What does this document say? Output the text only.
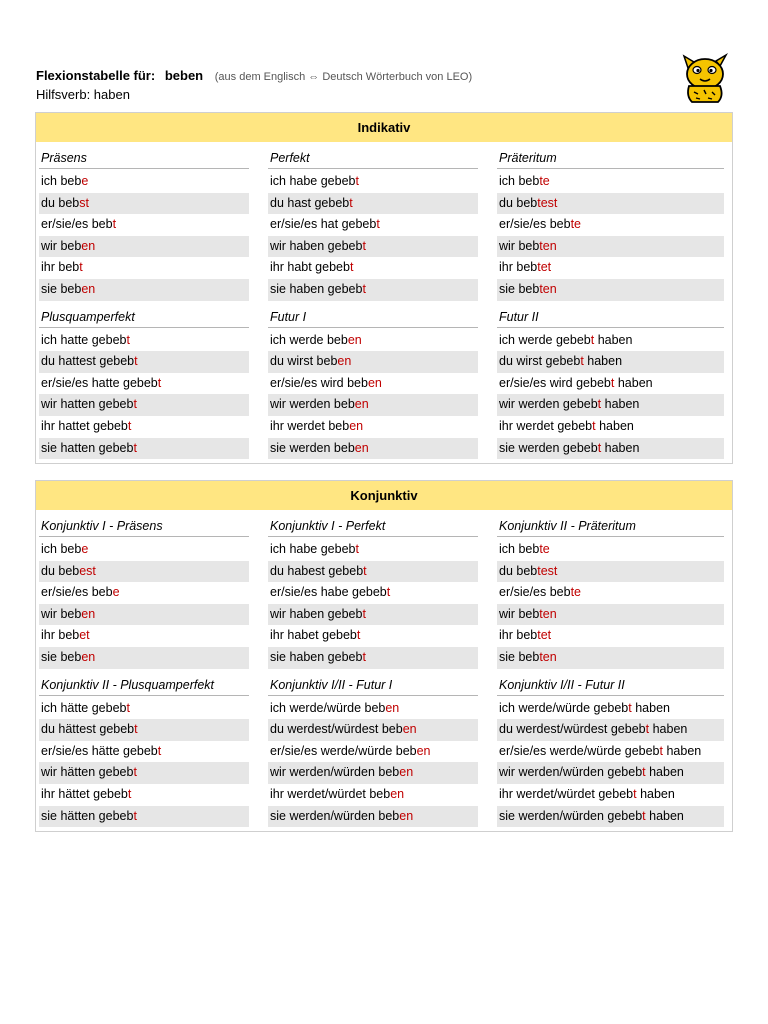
Flexionstabelle für: beben (aus dem Englisch ⇔ Deutsch Wörterbuch von LEO)
Hilfsverb: haben
Indikativ
Präsens
ich bebe
du bebst
er/sie/es bebt
wir beben
ihr bebt
sie beben
Perfekt
ich habe gebebt
du hast gebebt
er/sie/es hat gebebt
wir haben gebebt
ihr habt gebebt
sie haben gebebt
Präteritum
ich bebte
du bebtest
er/sie/es bebte
wir bebten
ihr bebtet
sie bebten
Plusquamperfekt
ich hatte gebebt
du hattest gebebt
er/sie/es hatte gebebt
wir hatten gebebt
ihr hattet gebebt
sie hatten gebebt
Futur I
ich werde beben
du wirst beben
er/sie/es wird beben
wir werden beben
ihr werdet beben
sie werden beben
Futur II
ich werde gebebt haben
du wirst gebebt haben
er/sie/es wird gebebt haben
wir werden gebebt haben
ihr werdet gebebt haben
sie werden gebebt haben
Konjunktiv
Konjunktiv I - Präsens
ich bebe
du bebest
er/sie/es bebe
wir beben
ihr bebet
sie beben
Konjunktiv I - Perfekt
ich habe gebebt
du habest gebebt
er/sie/es habe gebebt
wir haben gebebt
ihr habet gebebt
sie haben gebebt
Konjunktiv II - Präteritum
ich bebte
du bebtest
er/sie/es bebte
wir bebten
ihr bebtet
sie bebten
Konjunktiv II - Plusquamperfekt
ich hätte gebebt
du hättest gebebt
er/sie/es hätte gebebt
wir hätten gebebt
ihr hättet gebebt
sie hätten gebebt
Konjunktiv I/II - Futur I
ich werde/würde beben
du werdest/würdest beben
er/sie/es werde/würde beben
wir werden/würden beben
ihr werdet/würdet beben
sie werden/würden beben
Konjunktiv I/II - Futur II
ich werde/würde gebebt haben
du werdest/würdest gebebt haben
er/sie/es werde/würde gebebt haben
wir werden/würden gebebt haben
ihr werdet/würdet gebebt haben
sie werden/würden gebebt haben
